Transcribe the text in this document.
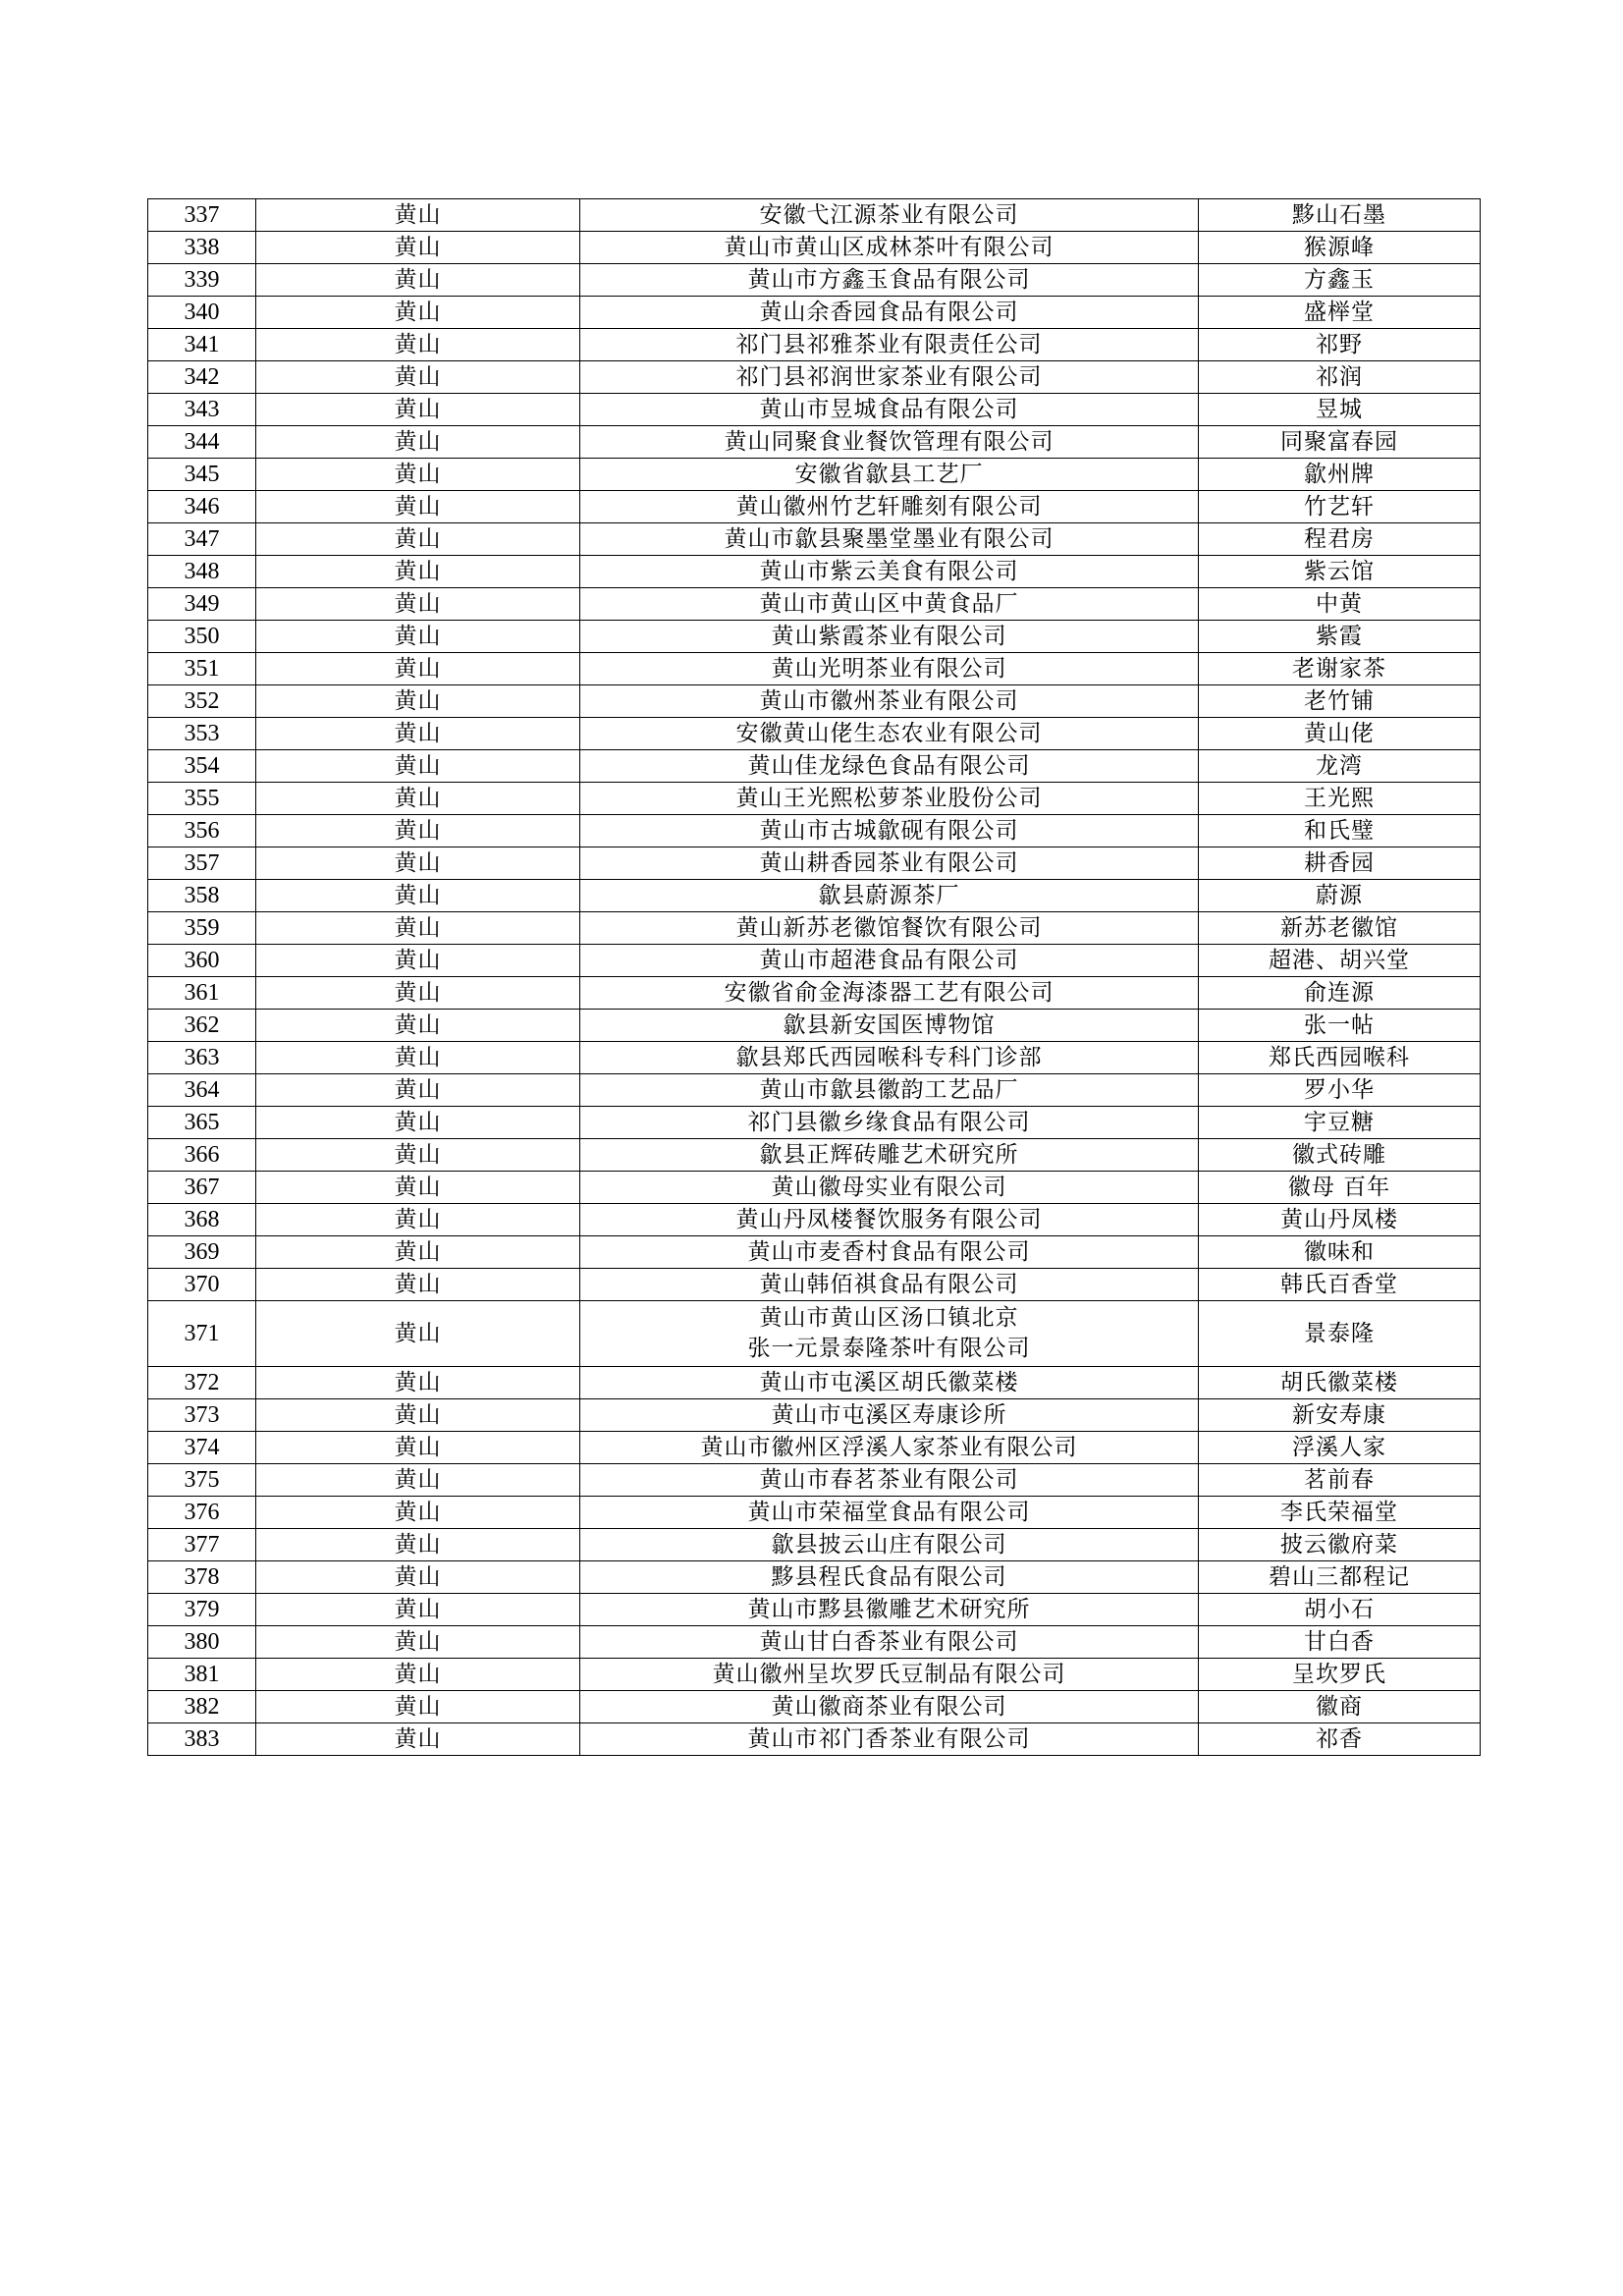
337	黄山	安徽弋江源茶业有限公司	黟山石墨
338	黄山	黄山市黄山区成林茶叶有限公司	猴源峰
339	黄山	黄山市方鑫玉食品有限公司	方鑫玉
340	黄山	黄山余香园食品有限公司	盛榉堂
341	黄山	祁门县祁雅茶业有限责任公司	祁野
342	黄山	祁门县祁润世家茶业有限公司	祁润
343	黄山	黄山市昱城食品有限公司	昱城
344	黄山	黄山同聚食业餐饮管理有限公司	同聚富春园
345	黄山	安徽省歙县工艺厂	歙州牌
346	黄山	黄山徽州竹艺轩雕刻有限公司	竹艺轩
347	黄山	黄山市歙县聚墨堂墨业有限公司	程君房
348	黄山	黄山市紫云美食有限公司	紫云馆
349	黄山	黄山市黄山区中黄食品厂	中黄
350	黄山	黄山紫霞茶业有限公司	紫霞
351	黄山	黄山光明茶业有限公司	老谢家茶
352	黄山	黄山市徽州茶业有限公司	老竹铺
353	黄山	安徽黄山佬生态农业有限公司	黄山佬
354	黄山	黄山佳龙绿色食品有限公司	龙湾
355	黄山	黄山王光熙松萝茶业股份公司	王光熙
356	黄山	黄山市古城歙砚有限公司	和氏璧
357	黄山	黄山耕香园茶业有限公司	耕香园
358	黄山	歙县蔚源茶厂	蔚源
359	黄山	黄山新苏老徽馆餐饮有限公司	新苏老徽馆
360	黄山	黄山市超港食品有限公司	超港、胡兴堂
361	黄山	安徽省俞金海漆器工艺有限公司	俞连源
362	黄山	歙县新安国医博物馆	张一帖
363	黄山	歙县郑氏西园喉科专科门诊部	郑氏西园喉科
364	黄山	黄山市歙县徽韵工艺品厂	罗小华
365	黄山	祁门县徽乡缘食品有限公司	宇豆糖
366	黄山	歙县正辉砖雕艺术研究所	徽式砖雕
367	黄山	黄山徽母实业有限公司	徽母 百年
368	黄山	黄山丹凤楼餐饮服务有限公司	黄山丹凤楼
369	黄山	黄山市麦香村食品有限公司	徽味和
370	黄山	黄山韩佰祺食品有限公司	韩氏百香堂
371	黄山	黄山市黄山区汤口镇北京
张一元景泰隆茶叶有限公司	景泰隆
372	黄山	黄山市屯溪区胡氏徽菜楼	胡氏徽菜楼
373	黄山	黄山市屯溪区寿康诊所	新安寿康
374	黄山	黄山市徽州区浮溪人家茶业有限公司	浮溪人家
375	黄山	黄山市春茗茶业有限公司	茗前春
376	黄山	黄山市荣福堂食品有限公司	李氏荣福堂
377	黄山	歙县披云山庄有限公司	披云徽府菜
378	黄山	黟县程氏食品有限公司	碧山三都程记
379	黄山	黄山市黟县徽雕艺术研究所	胡小石
380	黄山	黄山甘白香茶业有限公司	甘白香
381	黄山	黄山徽州呈坎罗氏豆制品有限公司	呈坎罗氏
382	黄山	黄山徽商茶业有限公司	徽商
383	黄山	黄山市祁门香茶业有限公司	祁香
